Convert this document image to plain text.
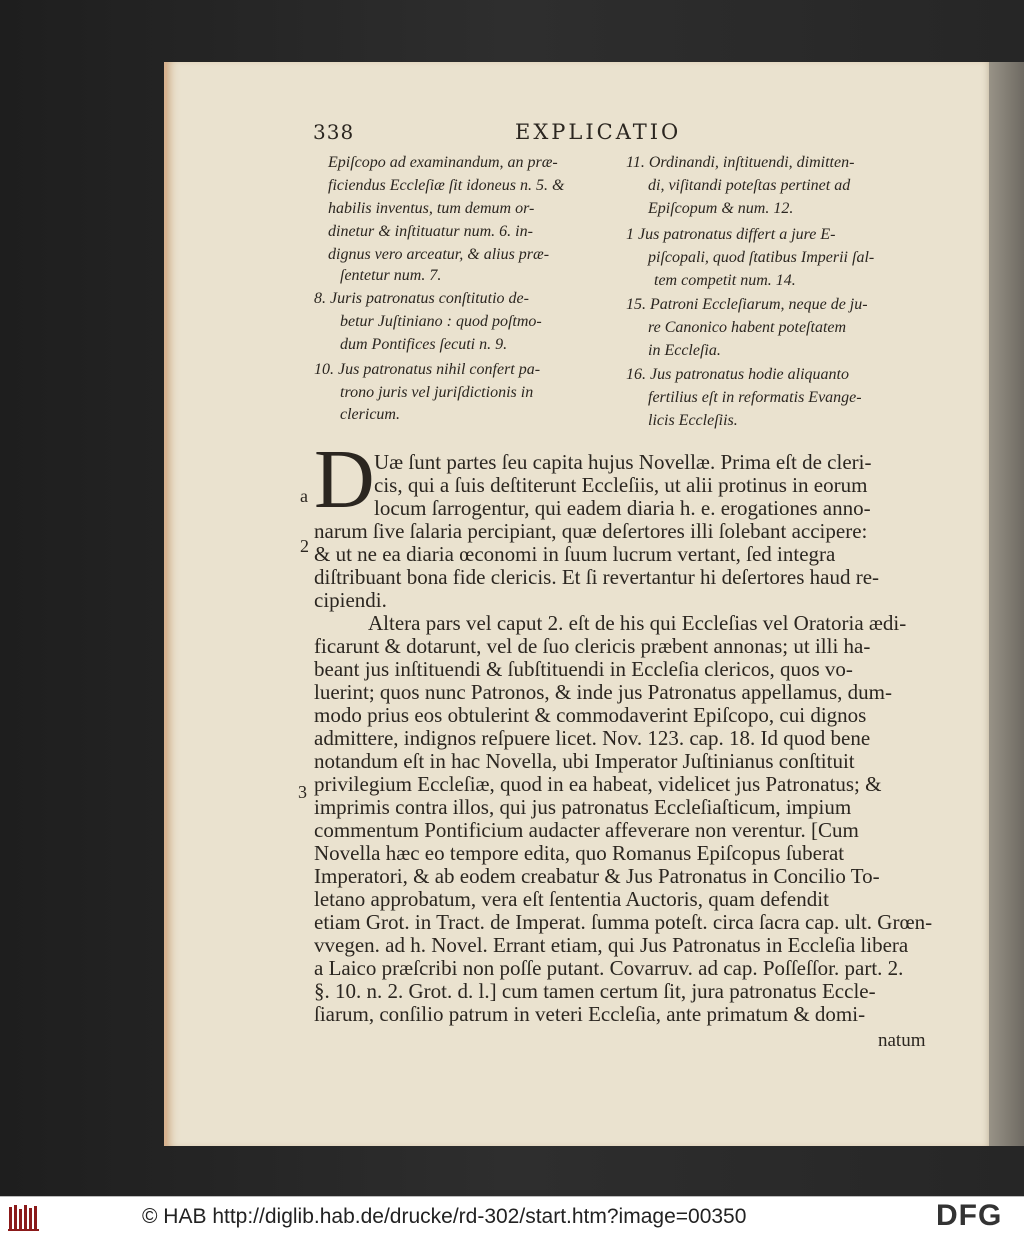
338	EXPLICATIO
Epiſcopo ad examinandum, an præ-
ficiendus Eccleſiæ ſit idoneus n. 5. &
habilis inventus, tum demum or-
dinetur & inſtituatur num. 6. in-
dignus vero arceatur, & alius præ-
ſentetur num. 7.
8. Juris patronatus conſtitutio de-
betur Juſtiniano : quod poſtmo-
dum Pontifices ſecuti n. 9.
10. Jus patronatus nihil confert pa-
trono juris vel juriſdictionis in
clericum.
11. Ordinandi, inſtituendi, dimitten-
di, viſitandi poteſtas pertinet ad
Epiſcopum & num. 12.
1 Jus patronatus differt a jure E-
piſcopali, quod ſtatibus Imperii ſal-
tem competit num. 14.
15. Patroni Eccleſiarum, neque de ju-
re Canonico habent poteſtatem
in Eccleſia.
16. Jus patronatus hodie aliquanto
fertilius eſt in reformatis Evange-
licis Eccleſiis.
D Uæ ſunt partes ſeu capita hujus Novellæ. Prima eſt de cleri-
cis, qui a ſuis deſtiterunt Eccleſiis, ut alii protinus in eorum
locum ſarrogentur, qui eadem diaria h. e. erogationes anno-
narum ſive ſalaria percipiant, quæ deſertores illi ſolebant accipere:
& ut ne ea diaria œconomi in ſuum lucrum vertant, ſed integra
diſtribuant bona fide clericis. Et ſi revertantur hi deſertores haud re-
cipiendi.
Altera pars vel caput 2. eſt de his qui Eccleſias vel Oratoria ædi-
ficarunt & dotarunt, vel de ſuo clericis præbent annonas; ut illi ha-
beant jus inſtituendi & ſubſtituendi in Eccleſia clericos, quos vo-
luerint; quos nunc Patronos, & inde jus Patronatus appellamus, dum-
modo prius eos obtulerint & commodaverint Epiſcopo, cui dignos
admittere, indignos reſpuere licet. Nov. 123. cap. 18. Id quod bene
notandum eſt in hac Novella, ubi Imperator Juſtinianus conſtituit
privilegium Eccleſiæ, quod in ea habeat, videlicet jus Patronatus; &
imprimis contra illos, qui jus patronatus Eccleſiaſticum, impium
commentum Pontificium audacter affeverare non verentur. [Cum
Novella hæc eo tempore edita, quo Romanus Epiſcopus ſuberat
Imperatori, & ab eodem creabatur & Jus Patronatus in Concilio To-
letano approbatum, vera eſt ſententia Auctoris, quam defendit
etiam Grot. in Tract. de Imperat. ſumma poteſt. circa ſacra cap. ult. Grœn-
vvegen. ad h. Novel. Errant etiam, qui Jus Patronatus in Eccleſia libera
a Laico præſcribi non poſſe putant. Covarruv. ad cap. Poſſeſſor. part. 2.
§. 10. n. 2. Grot. d. l.] cum tamen certum ſit, jura patronatus Eccle-
ſiarum, conſilio patrum in veteri Eccleſia, ante primatum & domi-
natum
a
2
3
© HAB http://diglib.hab.de/drucke/rd-302/start.htm?image=00350	DFG
